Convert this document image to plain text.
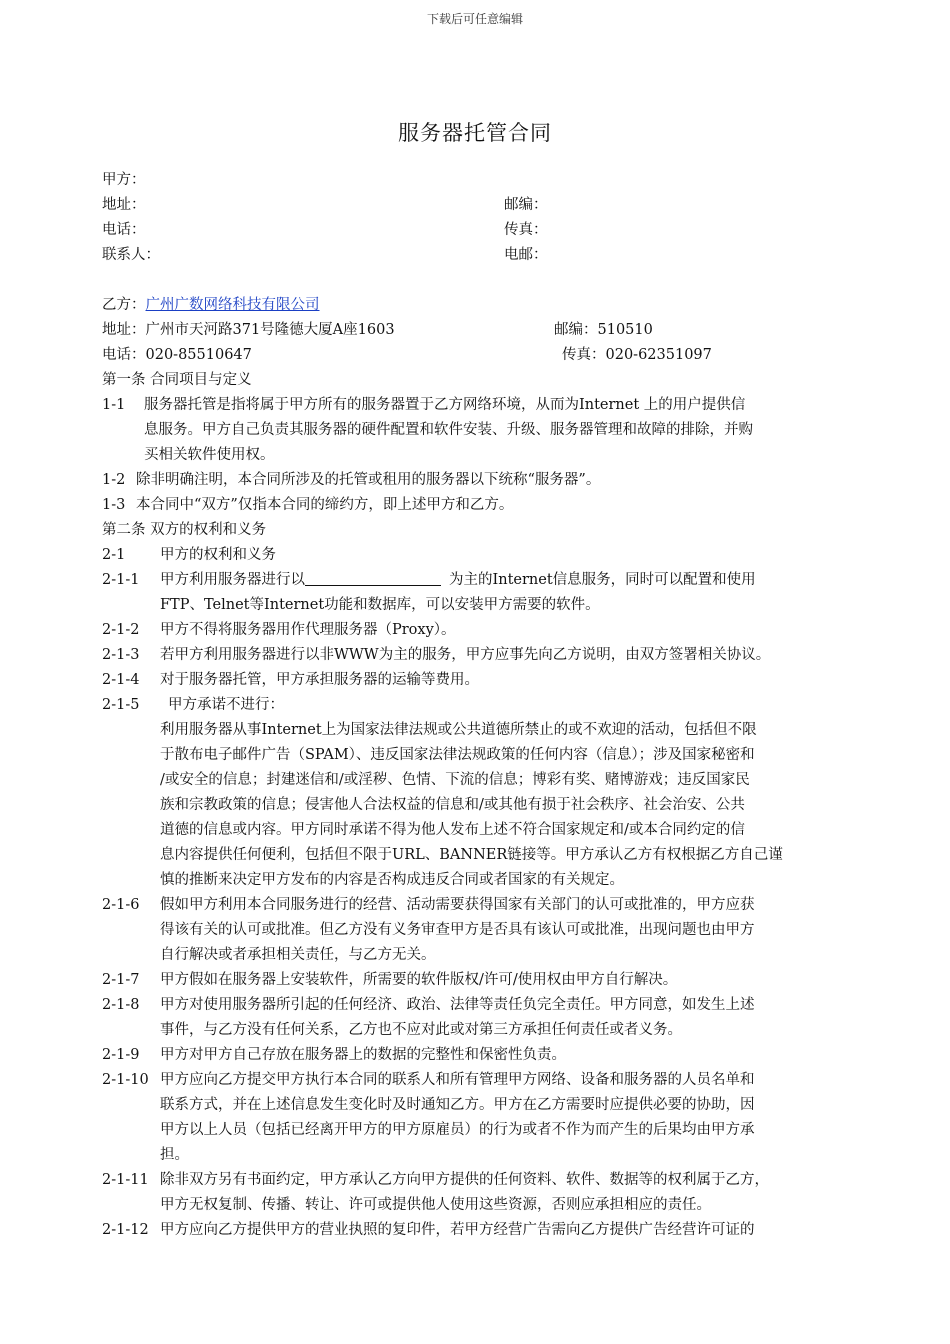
下载后可任意编辑
服务器托管合同
甲方：
地址：	邮编：
电话：	传真：
联系人：	电邮：
乙方：广州广数网络科技有限公司
地址：广州市天河路371号隆德大厦A座1603	邮编：510510
电话：020-85510647	传真：020-62351097
第一条 合同项目与定义
1-1 服务器托管是指将属于甲方所有的服务器置于乙方网络环境，从而为Internet 上的用户提供信
息服务。甲方自己负责其服务器的硬件配置和软件安装、升级、服务器管理和故障的排除，并购
买相关软件使用权。
1-2 除非明确注明，本合同所涉及的托管或租用的服务器以下统称“服务器”。
1-3 本合同中“双方”仅指本合同的缔约方，即上述甲方和乙方。
第二条 双方的权利和义务
2-1 甲方的权利和义务
2-1-1 甲方利用服务器进行以	为主的Internet信息服务，同时可以配置和使用
FTP、Telnet等Internet功能和数据库，可以安装甲方需要的软件。
2-1-2 甲方不得将服务器用作代理服务器（Proxy）。
2-1-3 若甲方利用服务器进行以非WWW为主的服务，甲方应事先向乙方说明，由双方签署相关协议。
2-1-4 对于服务器托管，甲方承担服务器的运输等费用。
2-1-5 甲方承诺不进行：
利用服务器从事Internet上为国家法律法规或公共道德所禁止的或不欢迎的活动，包括但不限
于散布电子邮件广告（SPAM）、违反国家法律法规政策的任何内容（信息）；涉及国家秘密和
/或安全的信息；封建迷信和/或淫秽、色情、下流的信息；博彩有奖、赌博游戏；违反国家民
族和宗教政策的信息；侵害他人合法权益的信息和/或其他有损于社会秩序、社会治安、公共
道德的信息或内容。甲方同时承诺不得为他人发布上述不符合国家规定和/或本合同约定的信
息内容提供任何便利，包括但不限于URL、BANNER链接等。甲方承认乙方有权根据乙方自己谨
慎的推断来决定甲方发布的内容是否构成违反合同或者国家的有关规定。
2-1-6 假如甲方利用本合同服务进行的经营、活动需要获得国家有关部门的认可或批准的，甲方应获
得该有关的认可或批准。但乙方没有义务审查甲方是否具有该认可或批准，出现问题也由甲方
自行解决或者承担相关责任，与乙方无关。
2-1-7 甲方假如在服务器上安装软件，所需要的软件版权/许可/使用权由甲方自行解决。
2-1-8 甲方对使用服务器所引起的任何经济、政治、法律等责任负完全责任。甲方同意，如发生上述
事件，与乙方没有任何关系，乙方也不应对此或对第三方承担任何责任或者义务。
2-1-9 甲方对甲方自己存放在服务器上的数据的完整性和保密性负责。
2-1-10 甲方应向乙方提交甲方执行本合同的联系人和所有管理甲方网络、设备和服务器的人员名单和
联系方式，并在上述信息发生变化时及时通知乙方。甲方在乙方需要时应提供必要的协助，因
甲方以上人员（包括已经离开甲方的甲方原雇员）的行为或者不作为而产生的后果均由甲方承
担。
2-1-11 除非双方另有书面约定，甲方承认乙方向甲方提供的任何资料、软件、数据等的权利属于乙方，
甲方无权复制、传播、转让、许可或提供他人使用这些资源，否则应承担相应的责任。
2-1-12 甲方应向乙方提供甲方的营业执照的复印件，若甲方经营广告需向乙方提供广告经营许可证的
